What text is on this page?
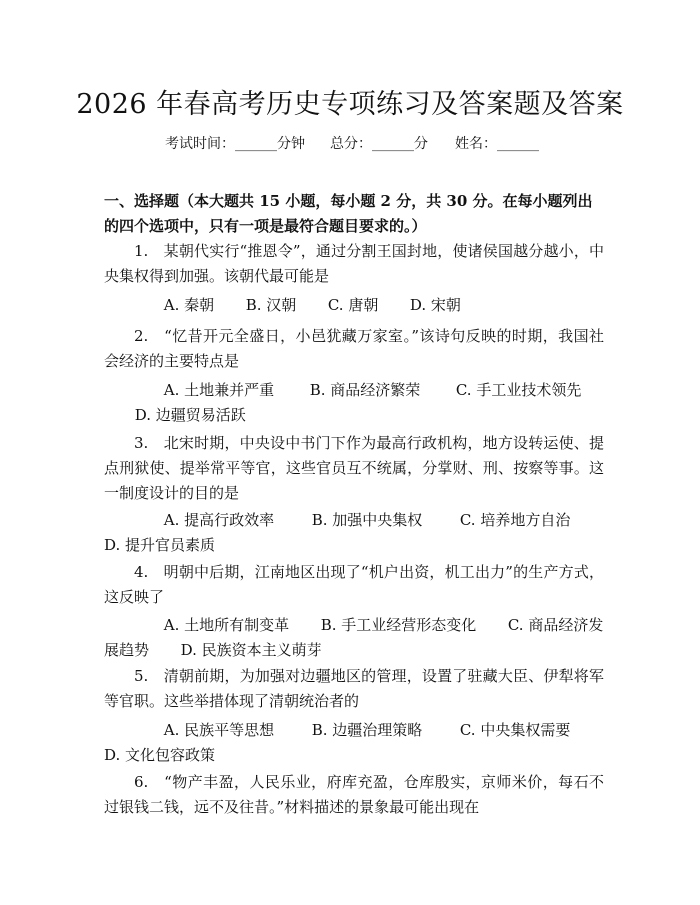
2026 年春高考历史专项练习及答案题及答案
考试时间：______分钟 总分：______分 姓名：______
一、选择题（本大题共 15 小题，每小题 2 分，共 30 分。在每小题列出的四个选项中，只有一项是最符合题目要求的。）
1.　某朝代实行“推恩令”，通过分割王国封地，使诸侯国越分越小，中央集权得到加强。该朝代最可能是
A. 秦朝 B. 汉朝 C. 唐朝 D. 宋朝
2.　“忆昔开元全盛日，小邑犹藏万家室。”该诗句反映的时期，我国社会经济的主要特点是
A. 土地兼并严重 B. 商品经济繁荣 C. 手工业技术领先  D. 边疆贸易活跃
3.　北宋时期，中央设中书门下作为最高行政机构，地方设转运使、提点刑狱使、提举常平等官，这些官员互不统属，分掌财、刑、按察等事。这一制度设计的目的是
A. 提高行政效率	B. 加强中央集权	C. 培养地方自治  D. 提升官员素质
4.　明朝中后期，江南地区出现了“机户出资，机工出力”的生产方式，这反映了
A. 土地所有制变革 B. 手工业经营形态变化 C. 商品经济发展趋势 D. 民族资本主义萌芽
5.　清朝前期，为加强对边疆地区的管理，设置了驻藏大臣、伊犁将军等官职。这些举措体现了清朝统治者的
A. 民族平等思想	B. 边疆治理策略	C. 中央集权需要  D. 文化包容政策
6.　“物产丰盈，人民乐业，府库充盈，仓库殷实，京师米价，每石不过银钱二钱，远不及往昔。”材料描述的景象最可能出现在
